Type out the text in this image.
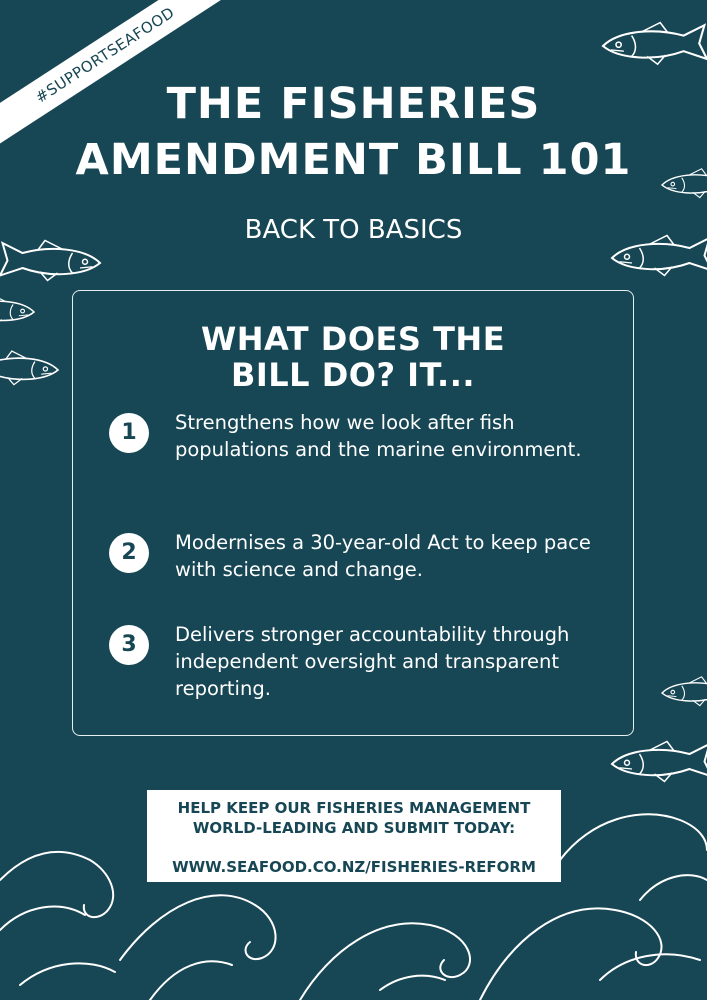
#SUPPORTSEAFOOD
THE FISHERIES
AMENDMENT BILL 101
BACK TO BASICS
WHAT DOES THE
BILL DO? IT...
1	Strengthens how we look after fish populations and the marine environment.

2	Modernises a 30-year-old Act to keep pace with science and change.

3	Delivers stronger accountability through independent oversight and transparent reporting.

HELP KEEP OUR FISHERIES MANAGEMENT
WORLD-LEADING AND SUBMIT TODAY:
WWW.SEAFOOD.CO.NZ/FISHERIES-REFORM
